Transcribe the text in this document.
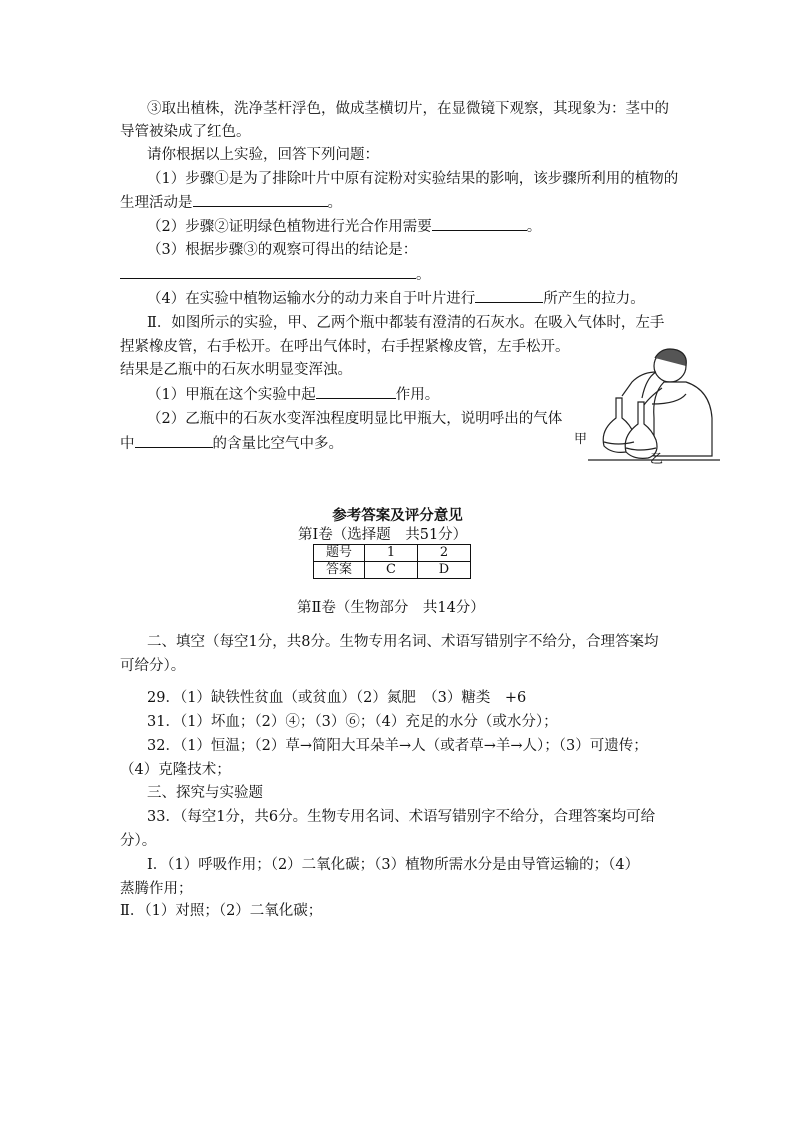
③取出植株，洗净茎杆浮色，做成茎横切片，在显微镜下观察，其现象为：茎中的
导管被染成了红色。
请你根据以上实验，回答下列问题：
（1）步骤①是为了排除叶片中原有淀粉对实验结果的影响，该步骤所利用的植物的
生理活动是	。
（2）步骤②证明绿色植物进行光合作用需要	。
（3）根据步骤③的观察可得出的结论是：
。
（4）在实验中植物运输水分的动力来自于叶片进行	所产生的拉力。
Ⅱ．如图所示的实验，甲、乙两个瓶中都装有澄清的石灰水。在吸入气体时，左手
捏紧橡皮管，右手松开。在呼出气体时，右手捏紧橡皮管，左手松开。
结果是乙瓶中的石灰水明显变浑浊。
（1）甲瓶在这个实验中起	作用。
（2）乙瓶中的石灰水变浑浊程度明显比甲瓶大，说明呼出的气体
中	的含量比空气中多。	甲
乙
参考答案及评分意见
第Ⅰ卷（选择题　共51分）
题号	1	2
答案	C	D
第Ⅱ卷（生物部分　共14分）
二、填空（每空1分，共8分。生物专用名词、术语写错别字不给分，合理答案均
可给分）。
29．（1）缺铁性贫血（或贫血）（2）氮肥　（3）糖类　+6
31．（1）坏血；（2）④；（3）⑥；（4）充足的水分（或水分）；
32．（1）恒温；（2）草→简阳大耳朵羊→人（或者草→羊→人）；（3）可遗传；
（4）克隆技术；
三、探究与实验题
33．（每空1分，共6分。生物专用名词、术语写错别字不给分，合理答案均可给
分）。
Ⅰ．（1）呼吸作用；（2）二氧化碳；（3）植物所需水分是由导管运输的；（4）
蒸腾作用；
Ⅱ．（1）对照；（2）二氧化碳；
